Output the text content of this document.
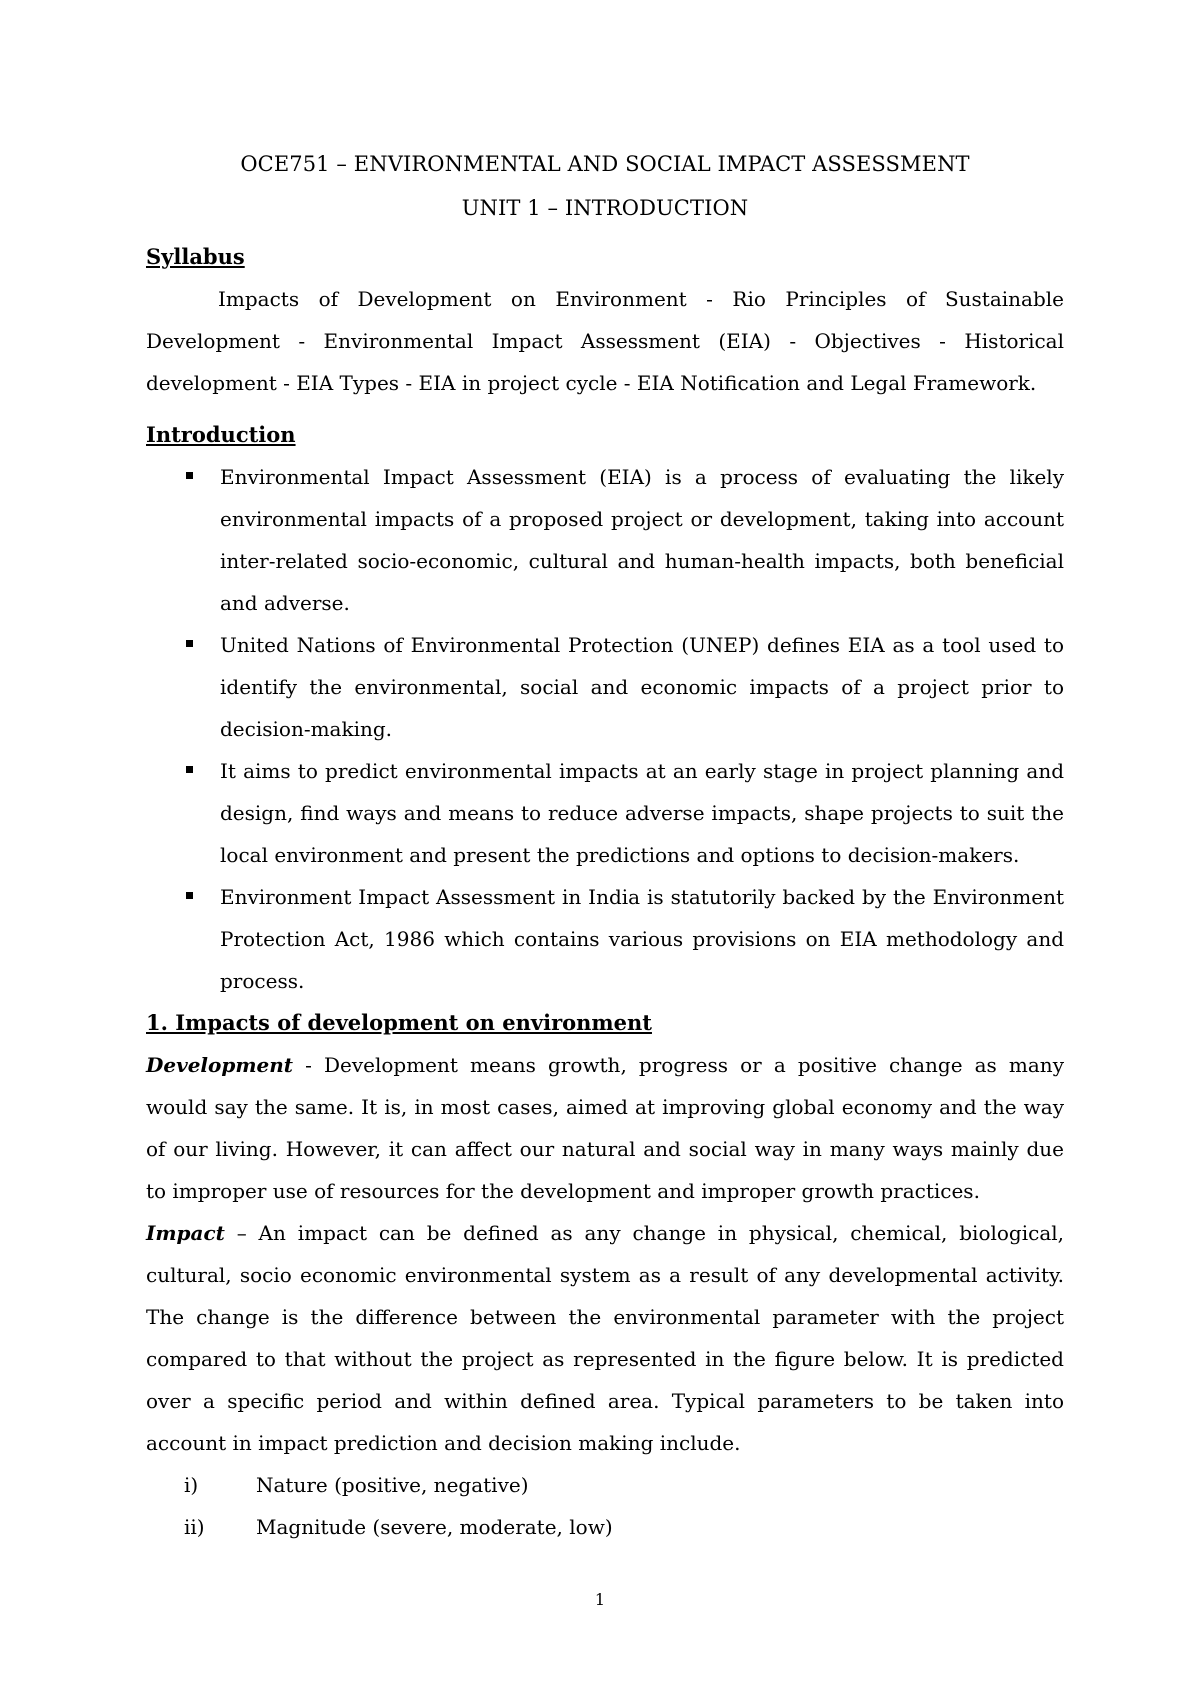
OCE751 – ENVIRONMENTAL AND SOCIAL IMPACT ASSESSMENT

UNIT 1 – INTRODUCTION

Syllabus

Impacts of Development on Environment - Rio Principles of Sustainable Development - Environmental Impact Assessment (EIA) - Objectives - Historical development - EIA Types - EIA in project cycle - EIA Notification and Legal Framework.

Introduction

Environmental Impact Assessment (EIA) is a process of evaluating the likely environmental impacts of a proposed project or development, taking into account inter-related socio-economic, cultural and human-health impacts, both beneficial and adverse.
United Nations of Environmental Protection (UNEP) defines EIA as a tool used to identify the environmental, social and economic impacts of a project prior to decision-making.
It aims to predict environmental impacts at an early stage in project planning and design, find ways and means to reduce adverse impacts, shape projects to suit the local environment and present the predictions and options to decision-makers.
Environment Impact Assessment in India is statutorily backed by the Environment Protection Act, 1986 which contains various provisions on EIA methodology and process.

1. Impacts of development on environment

Development - Development means growth, progress or a positive change as many would say the same. It is, in most cases, aimed at improving global economy and the way of our living. However, it can affect our natural and social way in many ways mainly due to improper use of resources for the development and improper growth practices.

Impact – An impact can be defined as any change in physical, chemical, biological, cultural, socio economic environmental system as a result of any developmental activity. The change is the difference between the environmental parameter with the project compared to that without the project as represented in the figure below. It is predicted over a specific period and within defined area. Typical parameters to be taken into account in impact prediction and decision making include.

i)	Nature (positive, negative)
ii)	Magnitude (severe, moderate, low)
1
